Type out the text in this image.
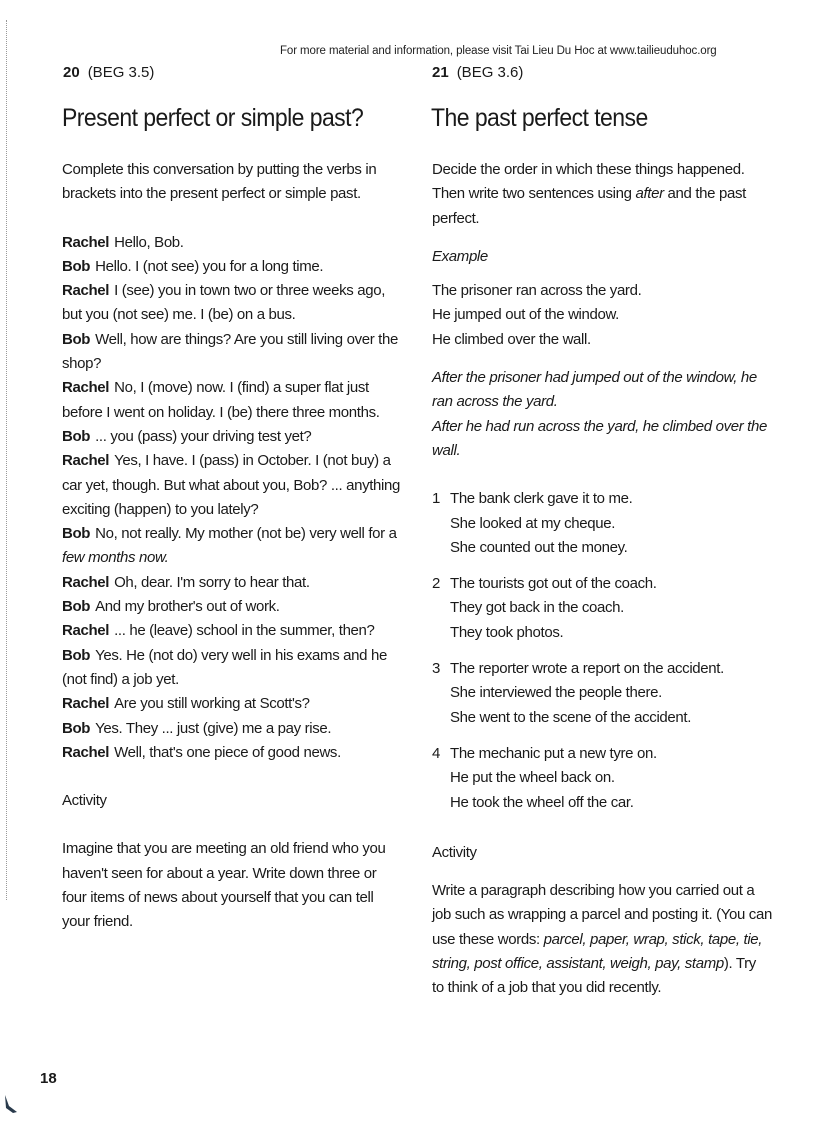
For more material and information, please visit Tai Lieu Du Hoc at www.tailieuduhoc.org
20 (BEG 3.5)
Present perfect or simple past?
21 (BEG 3.6)
The past perfect tense

Complete this conversation by putting the verbs in

brackets into the present perfect or simple past.

Rachel Hello, Bob.

Bob Hello. I (not see) you for a long time.

Rachel I (see) you in town two or three weeks ago,

but you (not see) me. I (be) on a bus.

Bob Well, how are things? Are you still living over the

shop?

Rachel No, I (move) now. I (find) a super flat just

before I went on holiday. I (be) there three months.

Bob ... you (pass) your driving test yet?

Rachel Yes, I have. I (pass) in October. I (not buy) a

car yet, though. But what about you, Bob? ... anything

exciting (happen) to you lately?

Bob No, not really. My mother (not be) very well for a

few months now.

Rachel Oh, dear. I'm sorry to hear that.

Bob And my brother's out of work.

Rachel ... he (leave) school in the summer, then?

Bob Yes. He (not do) very well in his exams and he

(not find) a job yet.

Rachel Are you still working at Scott's?

Bob Yes. They ... just (give) me a pay rise.

Rachel Well, that's one piece of good news.

Activity

Imagine that you are meeting an old friend who you

haven't seen for about a year. Write down three or

four items of news about yourself that you can tell

your friend.

Decide the order in which these things happened.

Then write two sentences using after and the past

perfect.

Example

The prisoner ran across the yard.

He jumped out of the window.

He climbed over the wall.

After the prisoner had jumped out of the window, he

ran across the yard.

After he had run across the yard, he climbed over the

wall.

1 The bank clerk gave it to me.

She looked at my cheque.

She counted out the money.

2 The tourists got out of the coach.

They got back in the coach.

They took photos.

3 The reporter wrote a report on the accident.

She interviewed the people there.

She went to the scene of the accident.

4 The mechanic put a new tyre on.

He put the wheel back on.

He took the wheel off the car.

Activity

Write a paragraph describing how you carried out a

job such as wrapping a parcel and posting it. (You can

use these words: parcel, paper, wrap, stick, tape, tie,

string, post office, assistant, weigh, pay, stamp). Try

to think of a job that you did recently.

18
